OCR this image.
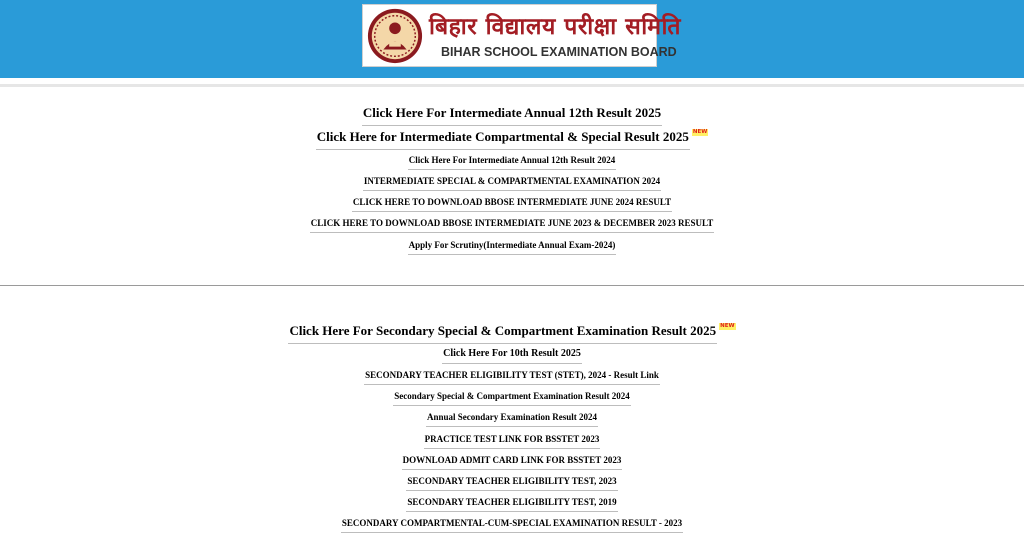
बिहार विद्यालय परीक्षा समिति
BIHAR SCHOOL EXAMINATION BOARD
Click Here For Intermediate Annual 12th Result 2025
Click Here for Intermediate Compartmental & Special Result 2025 NEW
Click Here For Intermediate Annual 12th Result 2024
INTERMEDIATE SPECIAL & COMPARTMENTAL EXAMINATION 2024
CLICK HERE TO DOWNLOAD BBOSE INTERMEDIATE JUNE 2024 RESULT
CLICK HERE TO DOWNLOAD BBOSE INTERMEDIATE JUNE 2023 & DECEMBER 2023 RESULT
Apply For Scrutiny(Intermediate Annual Exam-2024)
Click Here For Secondary Special & Compartment Examination Result 2025 NEW
Click Here For 10th Result 2025
SECONDARY TEACHER ELIGIBILITY TEST (STET), 2024 - Result Link
Secondary Special & Compartment Examination Result 2024
Annual Secondary Examination Result 2024
PRACTICE TEST LINK FOR BSSTET 2023
DOWNLOAD ADMIT CARD LINK FOR BSSTET 2023
SECONDARY TEACHER ELIGIBILITY TEST, 2023
SECONDARY TEACHER ELIGIBILITY TEST, 2019
SECONDARY COMPARTMENTAL-CUM-SPECIAL EXAMINATION RESULT - 2023
